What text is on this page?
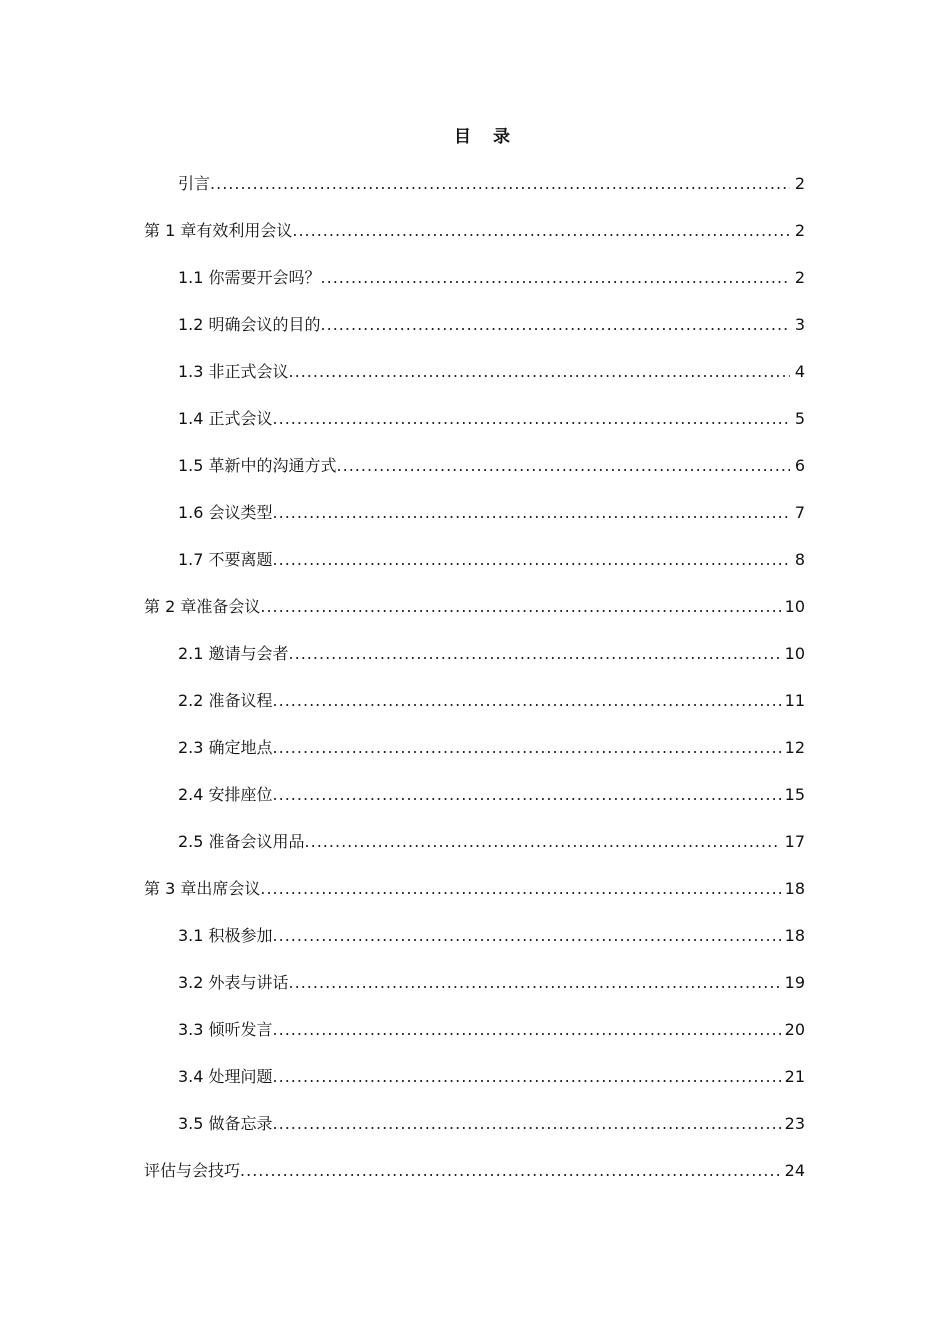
目录
引言 .....	2
第 1 章有效利用会议 .....	2
1.1 你需要开会吗？ .....	2
1.2 明确会议的目的 .....	3
1.3 非正式会议 .....	4
1.4 正式会议 .....	5
1.5 革新中的沟通方式 .....	6
1.6 会议类型 .....	7
1.7 不要离题 .....	8
第 2 章准备会议 .....	10
2.1 邀请与会者 .....	10
2.2 准备议程 .....	11
2.3 确定地点 .....	12
2.4 安排座位 .....	15
2.5 准备会议用品 .....	17
第 3 章出席会议 .....	18
3.1 积极参加 .....	18
3.2 外表与讲话 .....	19
3.3 倾听发言 .....	20
3.4 处理问题 .....	21
3.5 做备忘录 .....	23
评估与会技巧 .....	24
